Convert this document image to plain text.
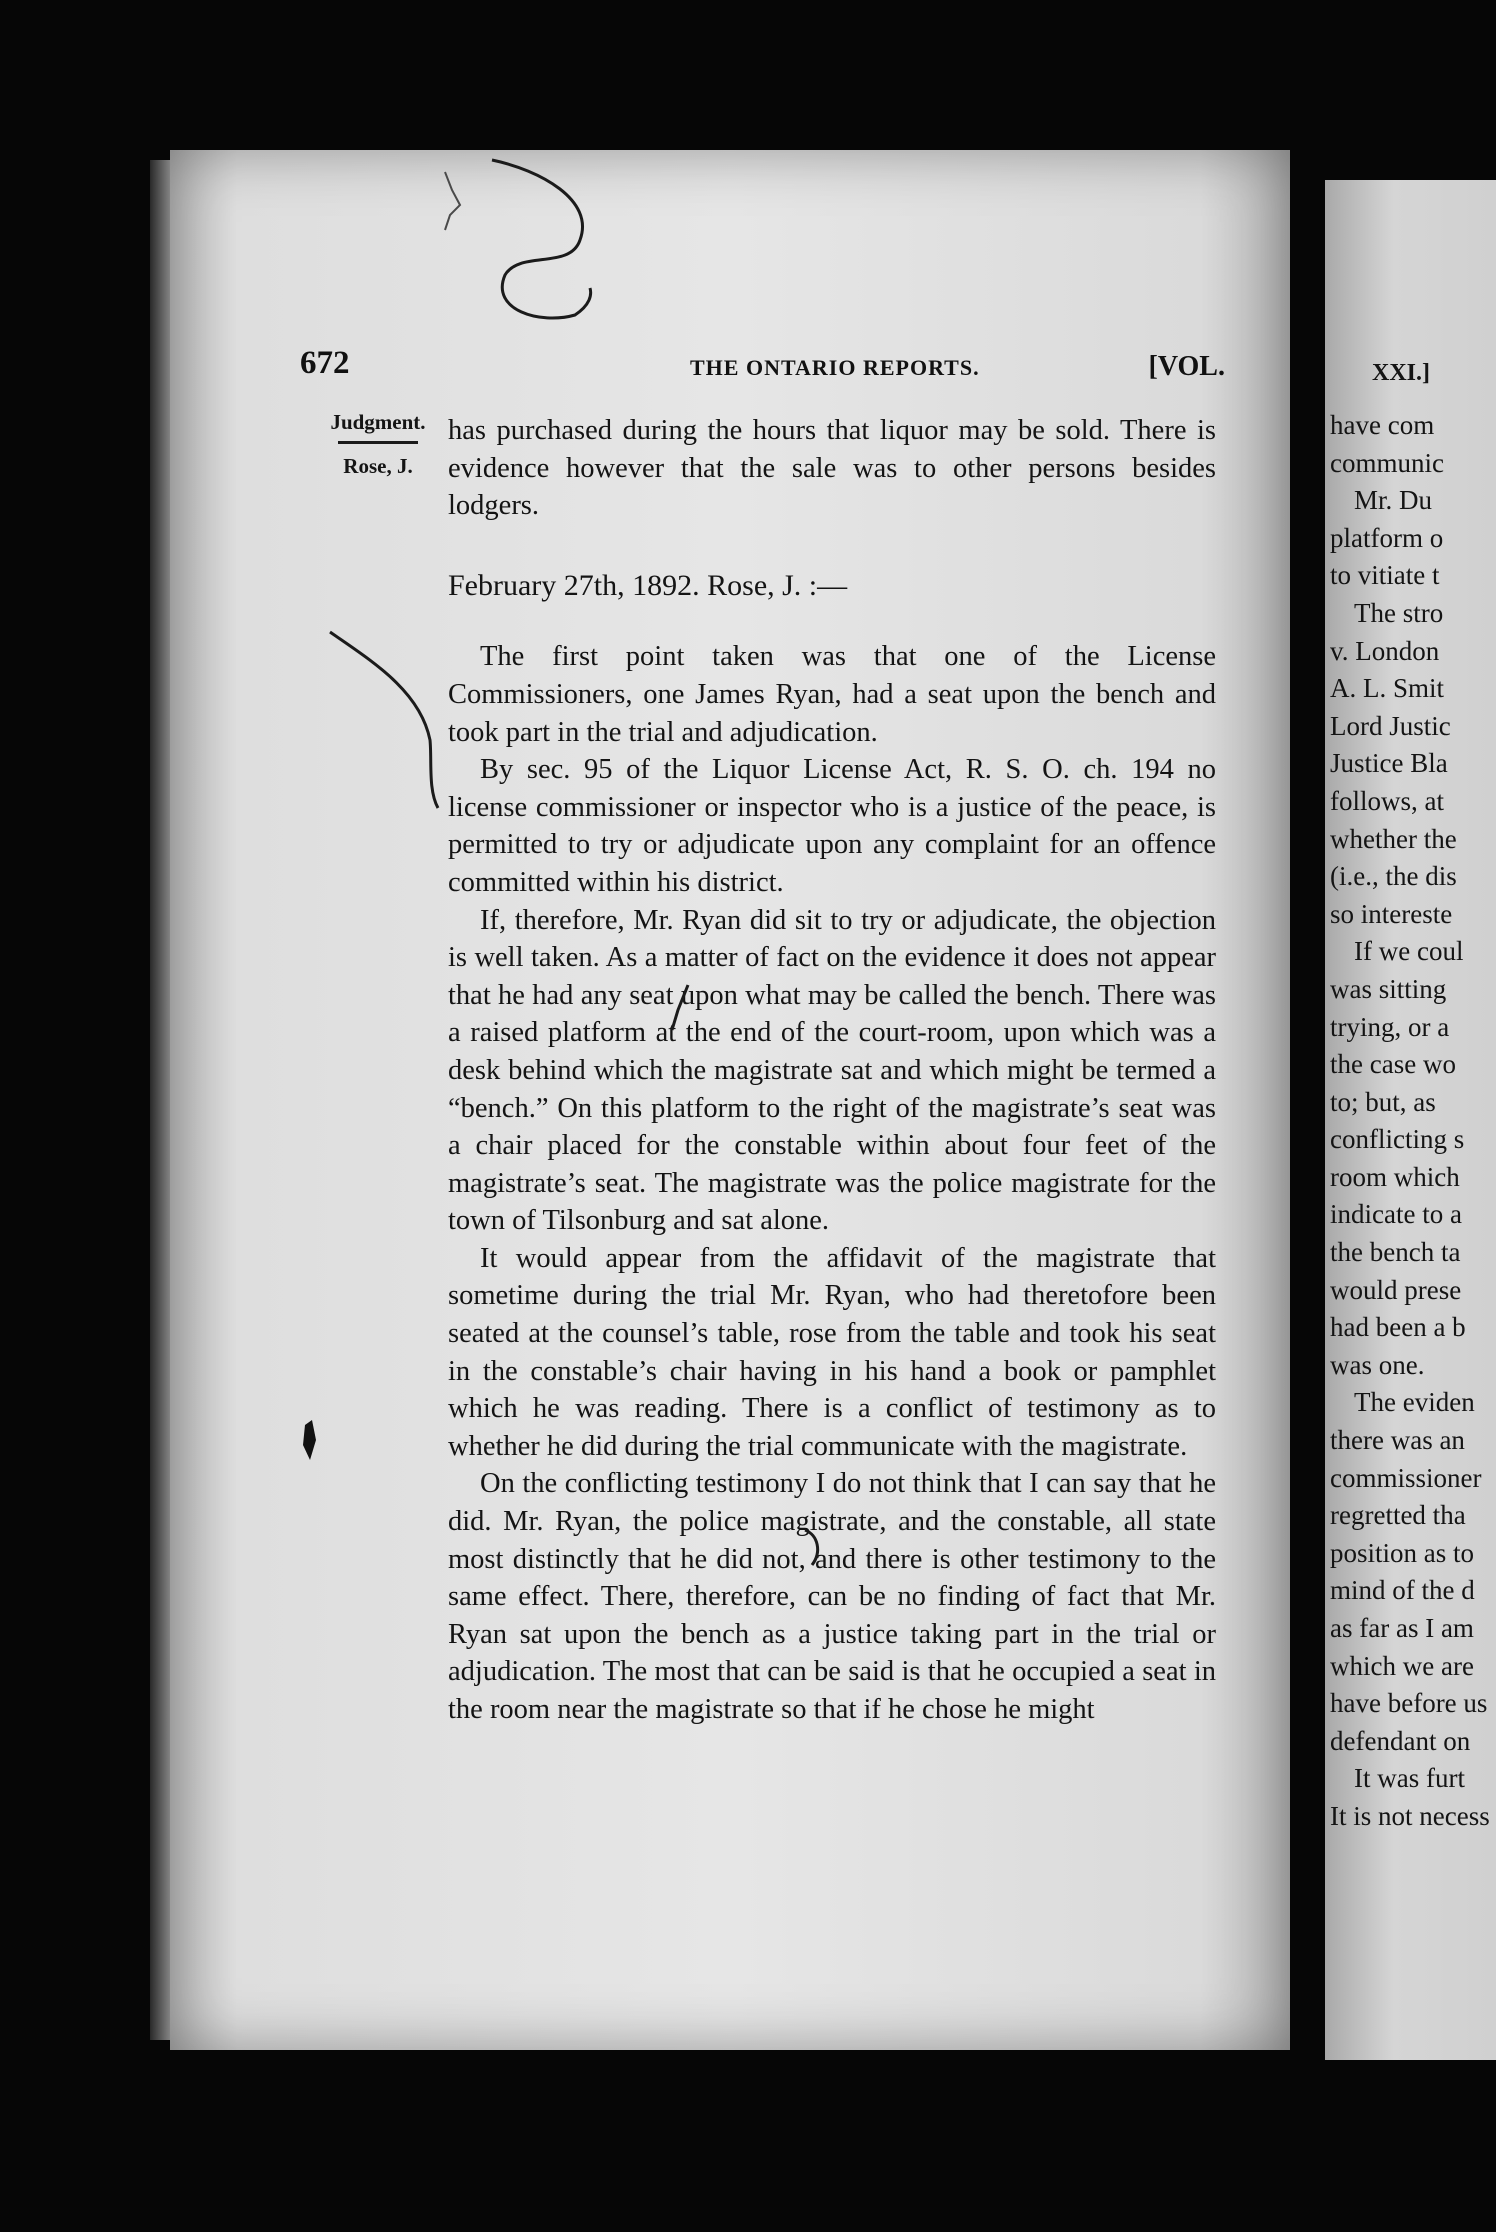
672	THE ONTARIO REPORTS.	[VOL.
Judgment.
Rose, J.

has purchased during the hours that liquor may be sold. There is evidence however that the sale was to other persons besides lodgers.

February 27th, 1892. Rose, J. :—

The first point taken was that one of the License Commissioners, one James Ryan, had a seat upon the bench and took part in the trial and adjudication.

By sec. 95 of the Liquor License Act, R. S. O. ch. 194 no license commissioner or inspector who is a justice of the peace, is permitted to try or adjudicate upon any complaint for an offence committed within his district.

If, therefore, Mr. Ryan did sit to try or adjudicate, the objection is well taken. As a matter of fact on the evidence it does not appear that he had any seat upon what may be called the bench. There was a raised platform at the end of the court-room, upon which was a desk behind which the magistrate sat and which might be termed a “bench.” On this platform to the right of the magistrate’s seat was a chair placed for the constable within about four feet of the magistrate’s seat. The magistrate was the police magistrate for the town of Tilsonburg and sat alone.

It would appear from the affidavit of the magistrate that sometime during the trial Mr. Ryan, who had theretofore been seated at the counsel’s table, rose from the table and took his seat in the constable’s chair having in his hand a book or pamphlet which he was reading. There is a conflict of testimony as to whether he did during the trial communicate with the magistrate.

On the conflicting testimony I do not think that I can say that he did. Mr. Ryan, the police magistrate, and the constable, all state most distinctly that he did not, and there is other testimony to the same effect. There, therefore, can be no finding of fact that Mr. Ryan sat upon the bench as a justice taking part in the trial or adjudication. The most that can be said is that he occupied a seat in the room near the magistrate so that if he chose he might

XXI.]
have com
communic
Mr. Du
platform o
to vitiate t
The stro
v. London
A. L. Smit
Lord Justic
Justice Bla
follows, at
whether the
(i.e., the dis
so intereste
If we coul
was sitting
trying, or a
the case wo
to; but, as
conflicting s
room which
indicate to a
the bench ta
would prese
had been a b
was one.
The eviden
there was an
commissioner
regretted tha
position as to
mind of the d
as far as I am
which we are
have before us
defendant on
It was furt
It is not necess
